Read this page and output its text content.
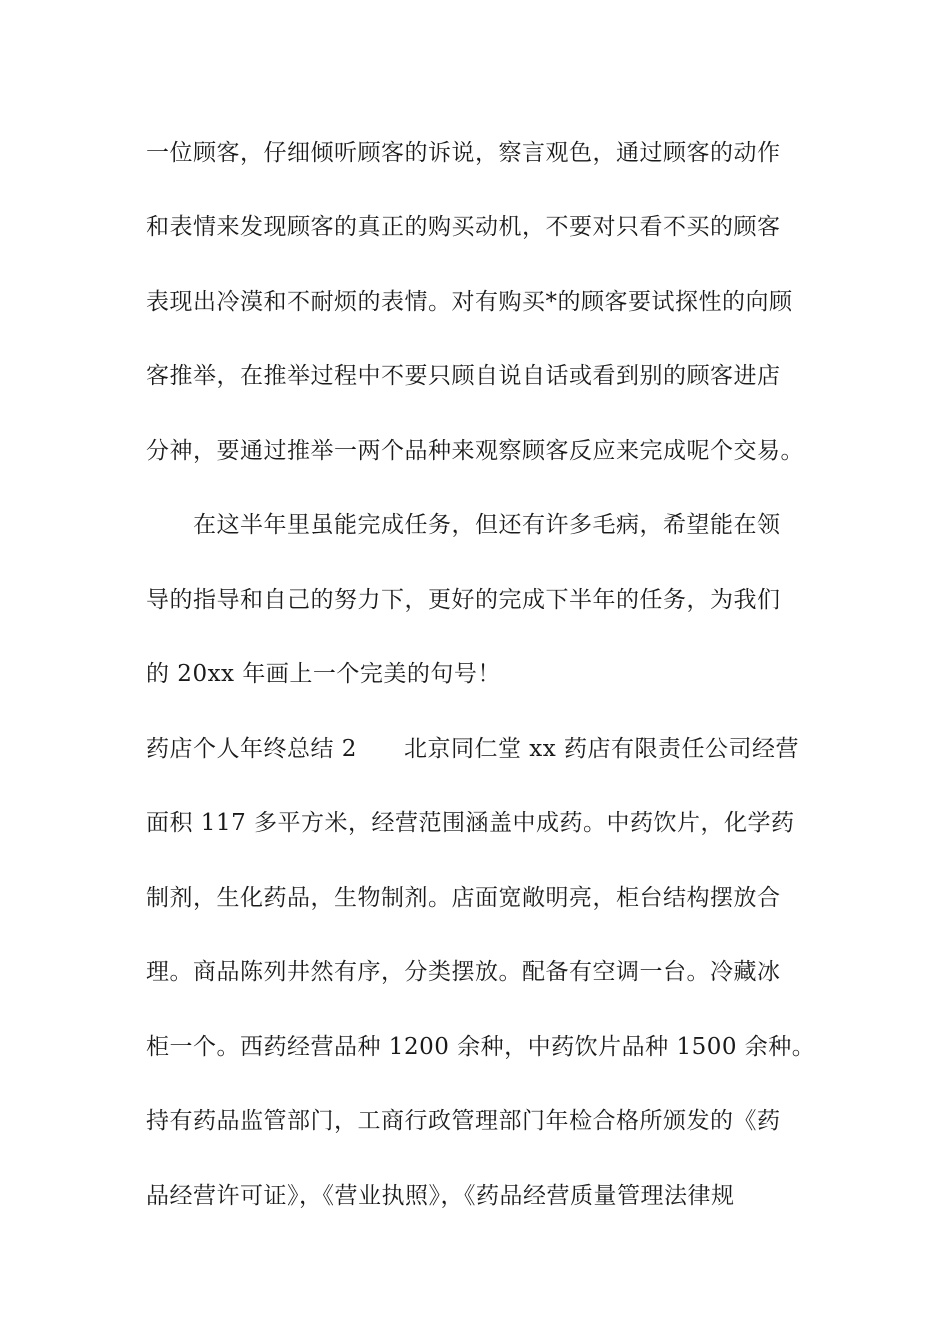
一位顾客，仔细倾听顾客的诉说，察言观色，通过顾客的动作
和表情来发现顾客的真正的购买动机，不要对只看不买的顾客
表现出冷漠和不耐烦的表情。对有购买*的顾客要试探性的向顾
客推举，在推举过程中不要只顾自说自话或看到别的顾客进店
分神，要通过推举一两个品种来观察顾客反应来完成呢个交易。
在这半年里虽能完成任务，但还有许多毛病，希望能在领
导的指导和自己的努力下，更好的完成下半年的任务，为我们
的 20xx 年画上一个完美的句号！
药店个人年终总结 2　　北京同仁堂 xx 药店有限责任公司经营
面积 117 多平方米，经营范围涵盖中成药。中药饮片，化学药
制剂，生化药品，生物制剂。店面宽敞明亮，柜台结构摆放合
理。商品陈列井然有序，分类摆放。配备有空调一台。冷藏冰
柜一个。西药经营品种 1200 余种，中药饮片品种 1500 余种。
持有药品监管部门，工商行政管理部门年检合格所颁发的《药
品经营许可证》，《营业执照》，《药品经营质量管理法律规
